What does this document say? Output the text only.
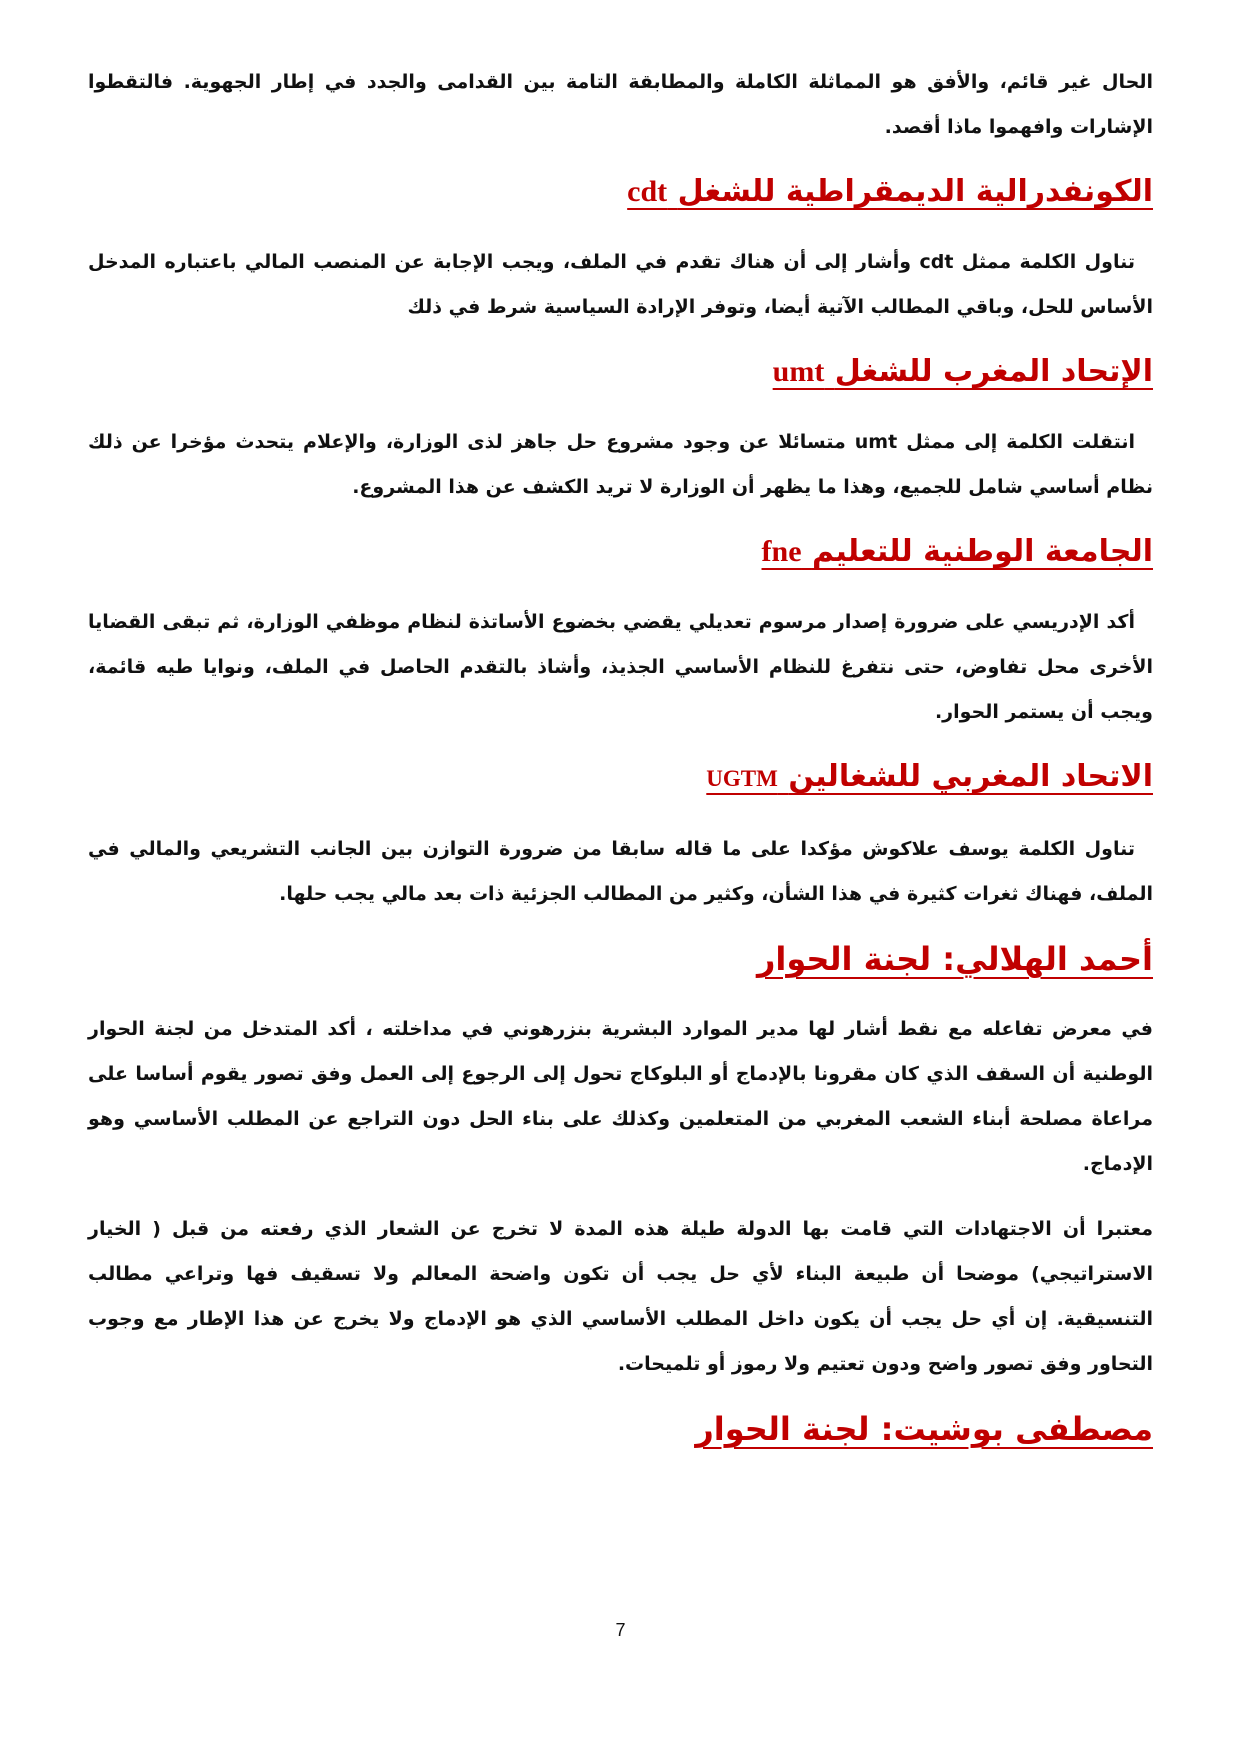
الحال غير قائم، والأفق هو المماثلة الكاملة والمطابقة التامة بين القدامى والجدد في إطار الجهوية. فالتقطوا الإشارات وافهموا ماذا أقصد.

الكونفدرالية الديمقراطية للشغل cdt

تناول الكلمة ممثل cdt وأشار إلى أن هناك تقدم في الملف، ويجب الإجابة عن المنصب المالي باعتباره المدخل الأساس للحل، وباقي المطالب الآتية أيضا، وتوفر الإرادة السياسية شرط في ذلك

الإتحاد المغرب للشغل umt

انتقلت الكلمة إلى ممثل umt متسائلا عن وجود مشروع حل جاهز لذى الوزارة، والإعلام يتحدث مؤخرا عن ذلك نظام أساسي شامل للجميع، وهذا ما يظهر أن الوزارة لا تريد الكشف عن هذا المشروع.

الجامعة الوطنية للتعليم fne

أكد الإدريسي على ضرورة إصدار مرسوم تعديلي يقضي بخضوع الأساتذة لنظام موظفي الوزارة، ثم تبقى القضايا الأخرى محل تفاوض، حتى نتفرغ للنظام الأساسي الجذيذ، وأشاذ بالتقدم الحاصل في الملف، ونوايا طيه قائمة، ويجب أن يستمر الحوار.

الاتحاد المغربي للشغالين UGTM

تناول الكلمة يوسف علاكوش مؤكدا على ما قاله سابقا من ضرورة التوازن بين الجانب التشريعي والمالي في الملف، فهناك ثغرات كثيرة في هذا الشأن، وكثير من المطالب الجزئية ذات بعد مالي يجب حلها.

أحمد الهلالي: لجنة الحوار

في معرض تفاعله مع نقط أشار لها مدير الموارد البشرية بنزرهوني في مداخلته ، أكد المتدخل من لجنة الحوار الوطنية أن السقف الذي كان مقرونا بالإدماج أو البلوكاج تحول إلى الرجوع إلى العمل وفق تصور يقوم أساسا على مراعاة مصلحة أبناء الشعب المغربي من المتعلمين وكذلك على بناء الحل دون التراجع عن المطلب الأساسي وهو الإدماج.

معتبرا أن الاجتهادات التي قامت بها الدولة طيلة هذه المدة لا تخرج عن الشعار الذي رفعته من قبل ( الخيار الاستراتيجي) موضحا أن طبيعة البناء لأي حل يجب أن تكون واضحة المعالم ولا تسقيف فها وتراعي مطالب التنسيقية. إن أي حل يجب أن يكون داخل المطلب الأساسي الذي هو الإدماج ولا يخرج عن هذا الإطار مع وجوب التحاور وفق تصور واضح ودون تعتيم ولا رموز أو تلميحات.

مصطفى بوشيت: لجنة الحوار
7
